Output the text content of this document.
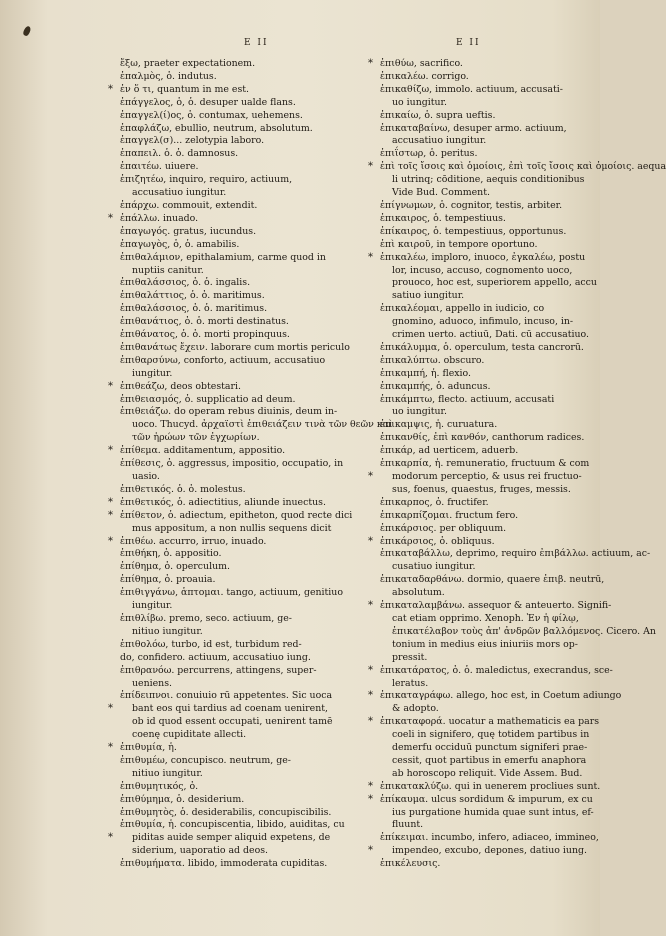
E II	E II
ἔξω, praeter expectationem.
ἐπαλμὸς, ὁ. indutus.
* ἐν ὅ τι, quantum in me est.
ἐπάγγελος, ὁ, ὁ. desuper ualde flans.
ἐπαγγελ(ί)ος, ὁ. contumax, uehemens.
ἐπαφλάζω, ebullio, neutrum, absolutum.
ἐπαγγελ(σ)... zelotypia laboro.
ἐπαπειλ. ὁ. ὁ. damnosus.
ἐπαιτέω. uiuere.
ἐπιζητέω, inquiro, requiro, actiuum,
accusatiuo iungitur.
ἐπάρχω. commouit, extendit.
* ἐπάλλω. inuado.
ἐπαγωγός. gratus, iucundus.
ἐπαγωγὸς, ὁ, ὁ. amabilis.
ἐπιθαλάμιον, epithalamium, carme quod in
nuptiis canitur.
ἐπιθαλάσσιος, ὁ. ὁ. ingalis.
ἐπιθαλάττιος, ὁ. ὁ. maritimus.
ἐπιθαλάσσιος, ὁ. ὁ. maritimus.
ἐπιθανάτιος, ὁ. ὁ. morti destinatus.
ἐπιθάνατος, ὁ. ὁ. morti propinquus.
ἐπιθανάτως ἔχειν. laborare cum mortis periculo
ἐπιθαρσύνω, conforto, actiuum, accusatiuo
iungitur.
* ἐπιθεάζω, deos obtestari.
ἐπιθειασμός, ὁ. supplicatio ad deum.
ἐπιθειάζω. do operam rebus diuinis, deum in-
uoco. Thucyd. ἀρχαϊστὶ ἐπιθειάζειν τινὰ τῶν θεῶν καὶ
τῶν ἡρώων τῶν ἐγχωρίων.
* ἐπίθεμα. additamentum, appositio.
ἐπίθεσις, ὁ. aggressus, impositio, occupatio, in
uasio.
ἐπιθετικός. ὁ. ὁ. molestus.
* ἐπιθετικός, ὁ. adiectitius, aliunde inuectus.
* ἐπίθετον, ὁ. adiectum, epitheton, quod recte dici
mus appositum, a non nullis sequens dicit
* ἐπιθέω. accurro, irruo, inuado.
ἐπιθήκη, ὁ. appositio.
ἐπίθημα, ὁ. operculum.
ἐπίθημα, ὁ. proauia.
ἐπιθιγγάνω, ἁπτομαι. tango, actiuum, genitiuo
iungitur.
ἐπιθλίβω. premo, seco. actiuum, ge-
nitiuo iungitur.
ἐπιθολόω, turbo, id est, turbidum red-
do, confidero. actiuum, accusatiuo iung.
ἐπιθρανόω. percurrens, attingens, super-
ueniens.
ἐπίδειπνοι. conuiuio rū appetentes. Sic uoca
* bant eos qui tardius ad coenam uenirent,
ob id quod essent occupati, uenirent tamē
coenę cupiditate allecti.
* ἐπιθυμία, ἡ.
ἐπιθυμέω, concupisco. neutrum, ge-
nitiuo iungitur.
ἐπιθυμητικός, ὁ.
ἐπιθύμημα, ὁ. desiderium.
ἐπιθυμητὸς, ὁ. desiderabilis, concupiscibilis.
ἐπιθυμία, ἡ. concupiscentia, libido, auiditas, cu
* piditas auide semper aliquid expetens, de
siderium, uaporatio ad deos.
ἐπιθυμήματα. libido, immoderata cupiditas.
* ἐπιθύω, sacrifico.
ἐπικαλέω. corrigo.
ἐπικαθίζω, immolo. actiuum, accusati-
uo iungitur.
ἐπικαίω, ὁ. supra ueftis.
ἐπικαταβαίνω, desuper armo. actiuum,
accusatiuo iungitur.
ἐπιΐστωρ, ὁ. peritus.
* ἐπὶ τοῖς ἴσοις καὶ ὁμοίοις, ἐπὶ τοῖς ἴσοις καὶ ὁμοίοις. aequa
li utrinq; cōditione, aequis conditionibus
Vide Bud. Comment.
ἐπίγνωμων, ὁ. cognitor, testis, arbiter.
ἐπικαιρος, ὁ. tempestiuus.
ἐπίκαιρος, ὁ. tempestiuus, opportunus.
ἐπὶ καιροῦ, in tempore oportuno.
* ἐπικαλέω, imploro, inuoco, ἐγκαλέω, postu
lor, incuso, accuso, cognomento uoco,
prouoco, hoc est, superiorem appello, accu
satiuo iungitur.
ἐπικαλέομαι, appello in iudicio, co
gnomino, aduoco, infimulo, incuso, in-
crimen uerto. actiuū, Dati. cū accusatiuo.
ἐπικάλυμμα, ὁ. operculum, testa cancrorū.
ἐπικαλύπτω. obscuro.
ἐπικαμπή, ἡ. flexio.
ἐπικαμπής, ὁ. aduncus.
ἐπικάμπτω, flecto. actiuum, accusati
uo iungitur.
ἐπικαμψις, ἡ. curuatura.
ἐπικανθίς, ἐπὶ κανθόν, canthorum radices.
ἐπικάρ, ad uerticem, aduerb.
ἐπικαρπία, ἡ. remuneratio, fructuum & com
* modorum perceptio, & usus rei fructuo-
sus, foenus, quaestus, fruges, messis.
ἐπικαρπος, ὁ. fructifer.
ἐπικαρπίζομαι. fructum fero.
ἐπικάρσιος. per obliquum.
* ἐπικάρσιος, ὁ. obliquus.
ἐπικαταβάλλω, deprimo, requiro ἐπιβάλλω. actiuum, ac-
cusatiuo iungitur.
ἐπικαταδαρθάνω. dormio, quaere ἐπιβ. neutrū,
absolutum.
* ἐπικαταλαμβάνω. assequor & anteuerto. Signifi-
cat etiam opprimo. Xenoph. Ἐν ἡ φίλῳ,
ἐπικατέλαβον τοὺς ἀπ' ἀνδρῶν βαλλόμενος. Cicero. An
tonium in medius eius iniuriis mors op-
pressit.
* ἐπικατάρατος, ὁ. ὁ. maledictus, execrandus, sce-
leratus.
* ἐπικαταγράφω. allego, hoc est, in Coetum adiungo
& adopto.
* ἐπικαταφορά. uocatur a mathematicis ea pars
coeli in signifero, quę totidem partibus in
demerfu occiduū punctum signiferi prae-
cessit, quot partibus in emerfu anaphora
ab horoscopo reliquit. Vide Assem. Bud.
* ἐπικατακλύζω. qui in uenerem procliues sunt.
* ἐπίκαυμα. ulcus sordidum & impurum, ex cu
ius purgatione humida quae sunt intus, ef-
fluunt.
ἐπίκειμαι. incumbo, infero, adiaceo, immineo,
* impendeo, excubo, depones, datiuo iung.
ἐπικέλευσις.
